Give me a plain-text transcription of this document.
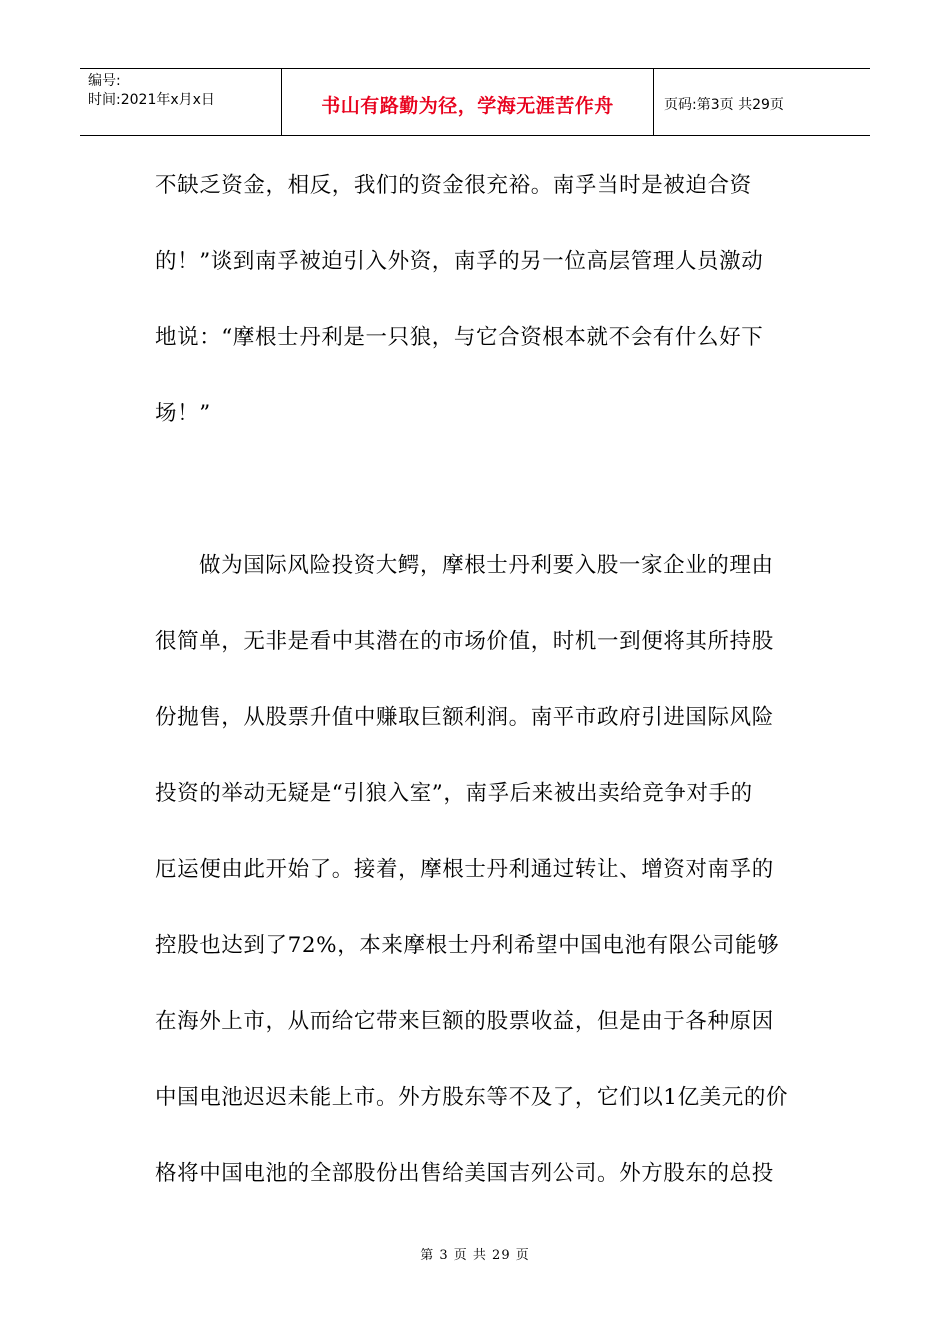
编号:
时间:2021年x月x日	书山有路勤为径，学海无涯苦作舟	页码:第3页 共29页
不缺乏资金，相反，我们的资金很充裕。南孚当时是被迫合资
的！”谈到南孚被迫引入外资，南孚的另一位高层管理人员激动
地说：“摩根士丹利是一只狼，与它合资根本就不会有什么好下
场！”
做为国际风险投资大鳄，摩根士丹利要入股一家企业的理由
很简单，无非是看中其潜在的市场价值，时机一到便将其所持股
份抛售，从股票升值中赚取巨额利润。南平市政府引进国际风险
投资的举动无疑是“引狼入室”，南孚后来被出卖给竞争对手的
厄运便由此开始了。接着，摩根士丹利通过转让、增资对南孚的
控股也达到了72%，本来摩根士丹利希望中国电池有限公司能够
在海外上市，从而给它带来巨额的股票收益，但是由于各种原因
中国电池迟迟未能上市。外方股东等不及了，它们以1亿美元的价
格将中国电池的全部股份出售给美国吉列公司。外方股东的总投
第 3 页 共 29 页
